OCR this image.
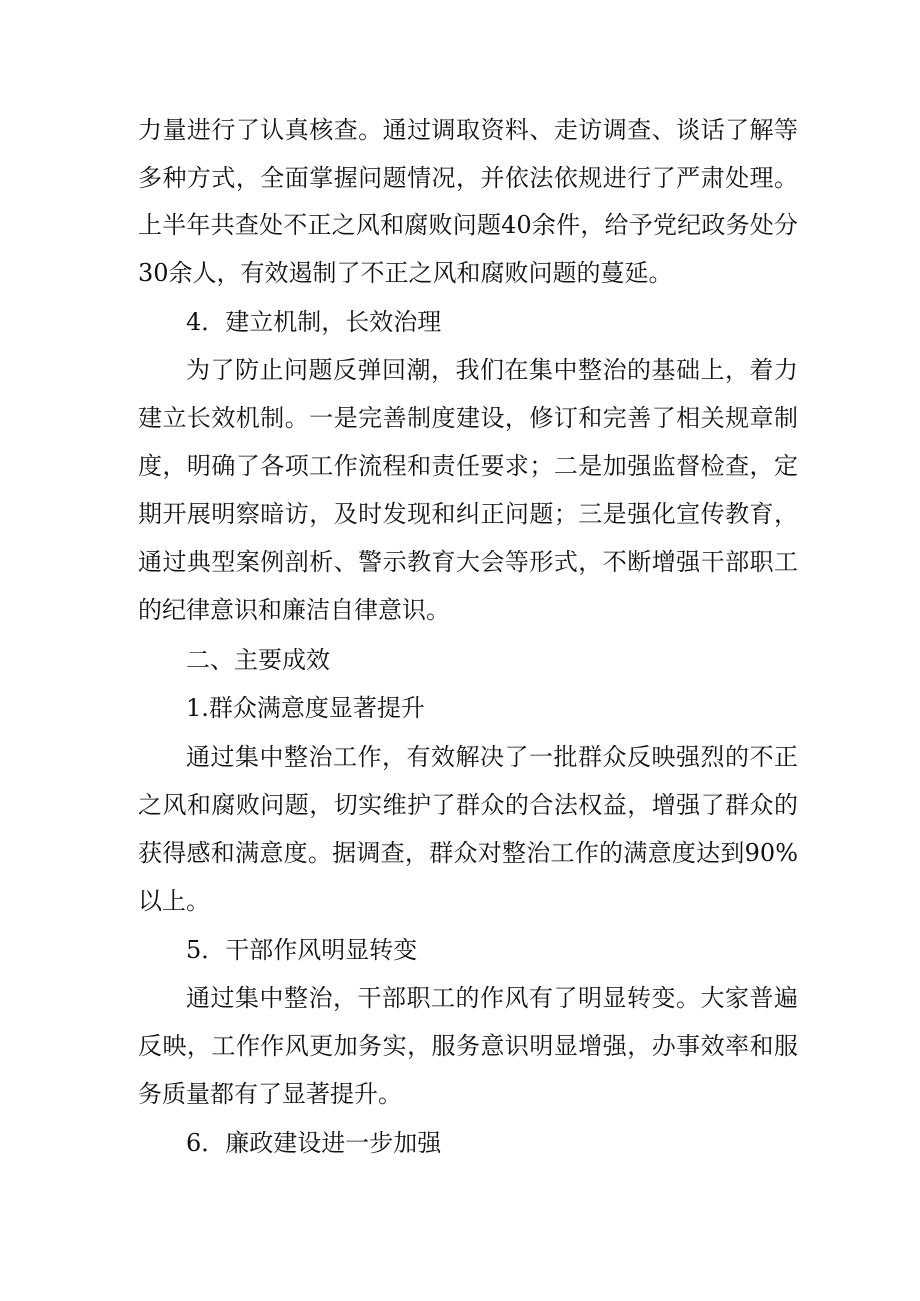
力量进行了认真核查。通过调取资料、走访调查、谈话了解等
多种方式，全面掌握问题情况，并依法依规进行了严肃处理。
上半年共查处不正之风和腐败问题40余件，给予党纪政务处分
30余人，有效遏制了不正之风和腐败问题的蔓延。
4．建立机制，长效治理
为了防止问题反弹回潮，我们在集中整治的基础上，着力
建立长效机制。一是完善制度建设，修订和完善了相关规章制
度，明确了各项工作流程和责任要求；二是加强监督检查，定
期开展明察暗访，及时发现和纠正问题；三是强化宣传教育，
通过典型案例剖析、警示教育大会等形式，不断增强干部职工
的纪律意识和廉洁自律意识。
二、主要成效
1.群众满意度显著提升
通过集中整治工作，有效解决了一批群众反映强烈的不正
之风和腐败问题，切实维护了群众的合法权益，增强了群众的
获得感和满意度。据调查，群众对整治工作的满意度达到90%
以上。
5．干部作风明显转变
通过集中整治，干部职工的作风有了明显转变。大家普遍
反映，工作作风更加务实，服务意识明显增强，办事效率和服
务质量都有了显著提升。
6．廉政建设进一步加强
